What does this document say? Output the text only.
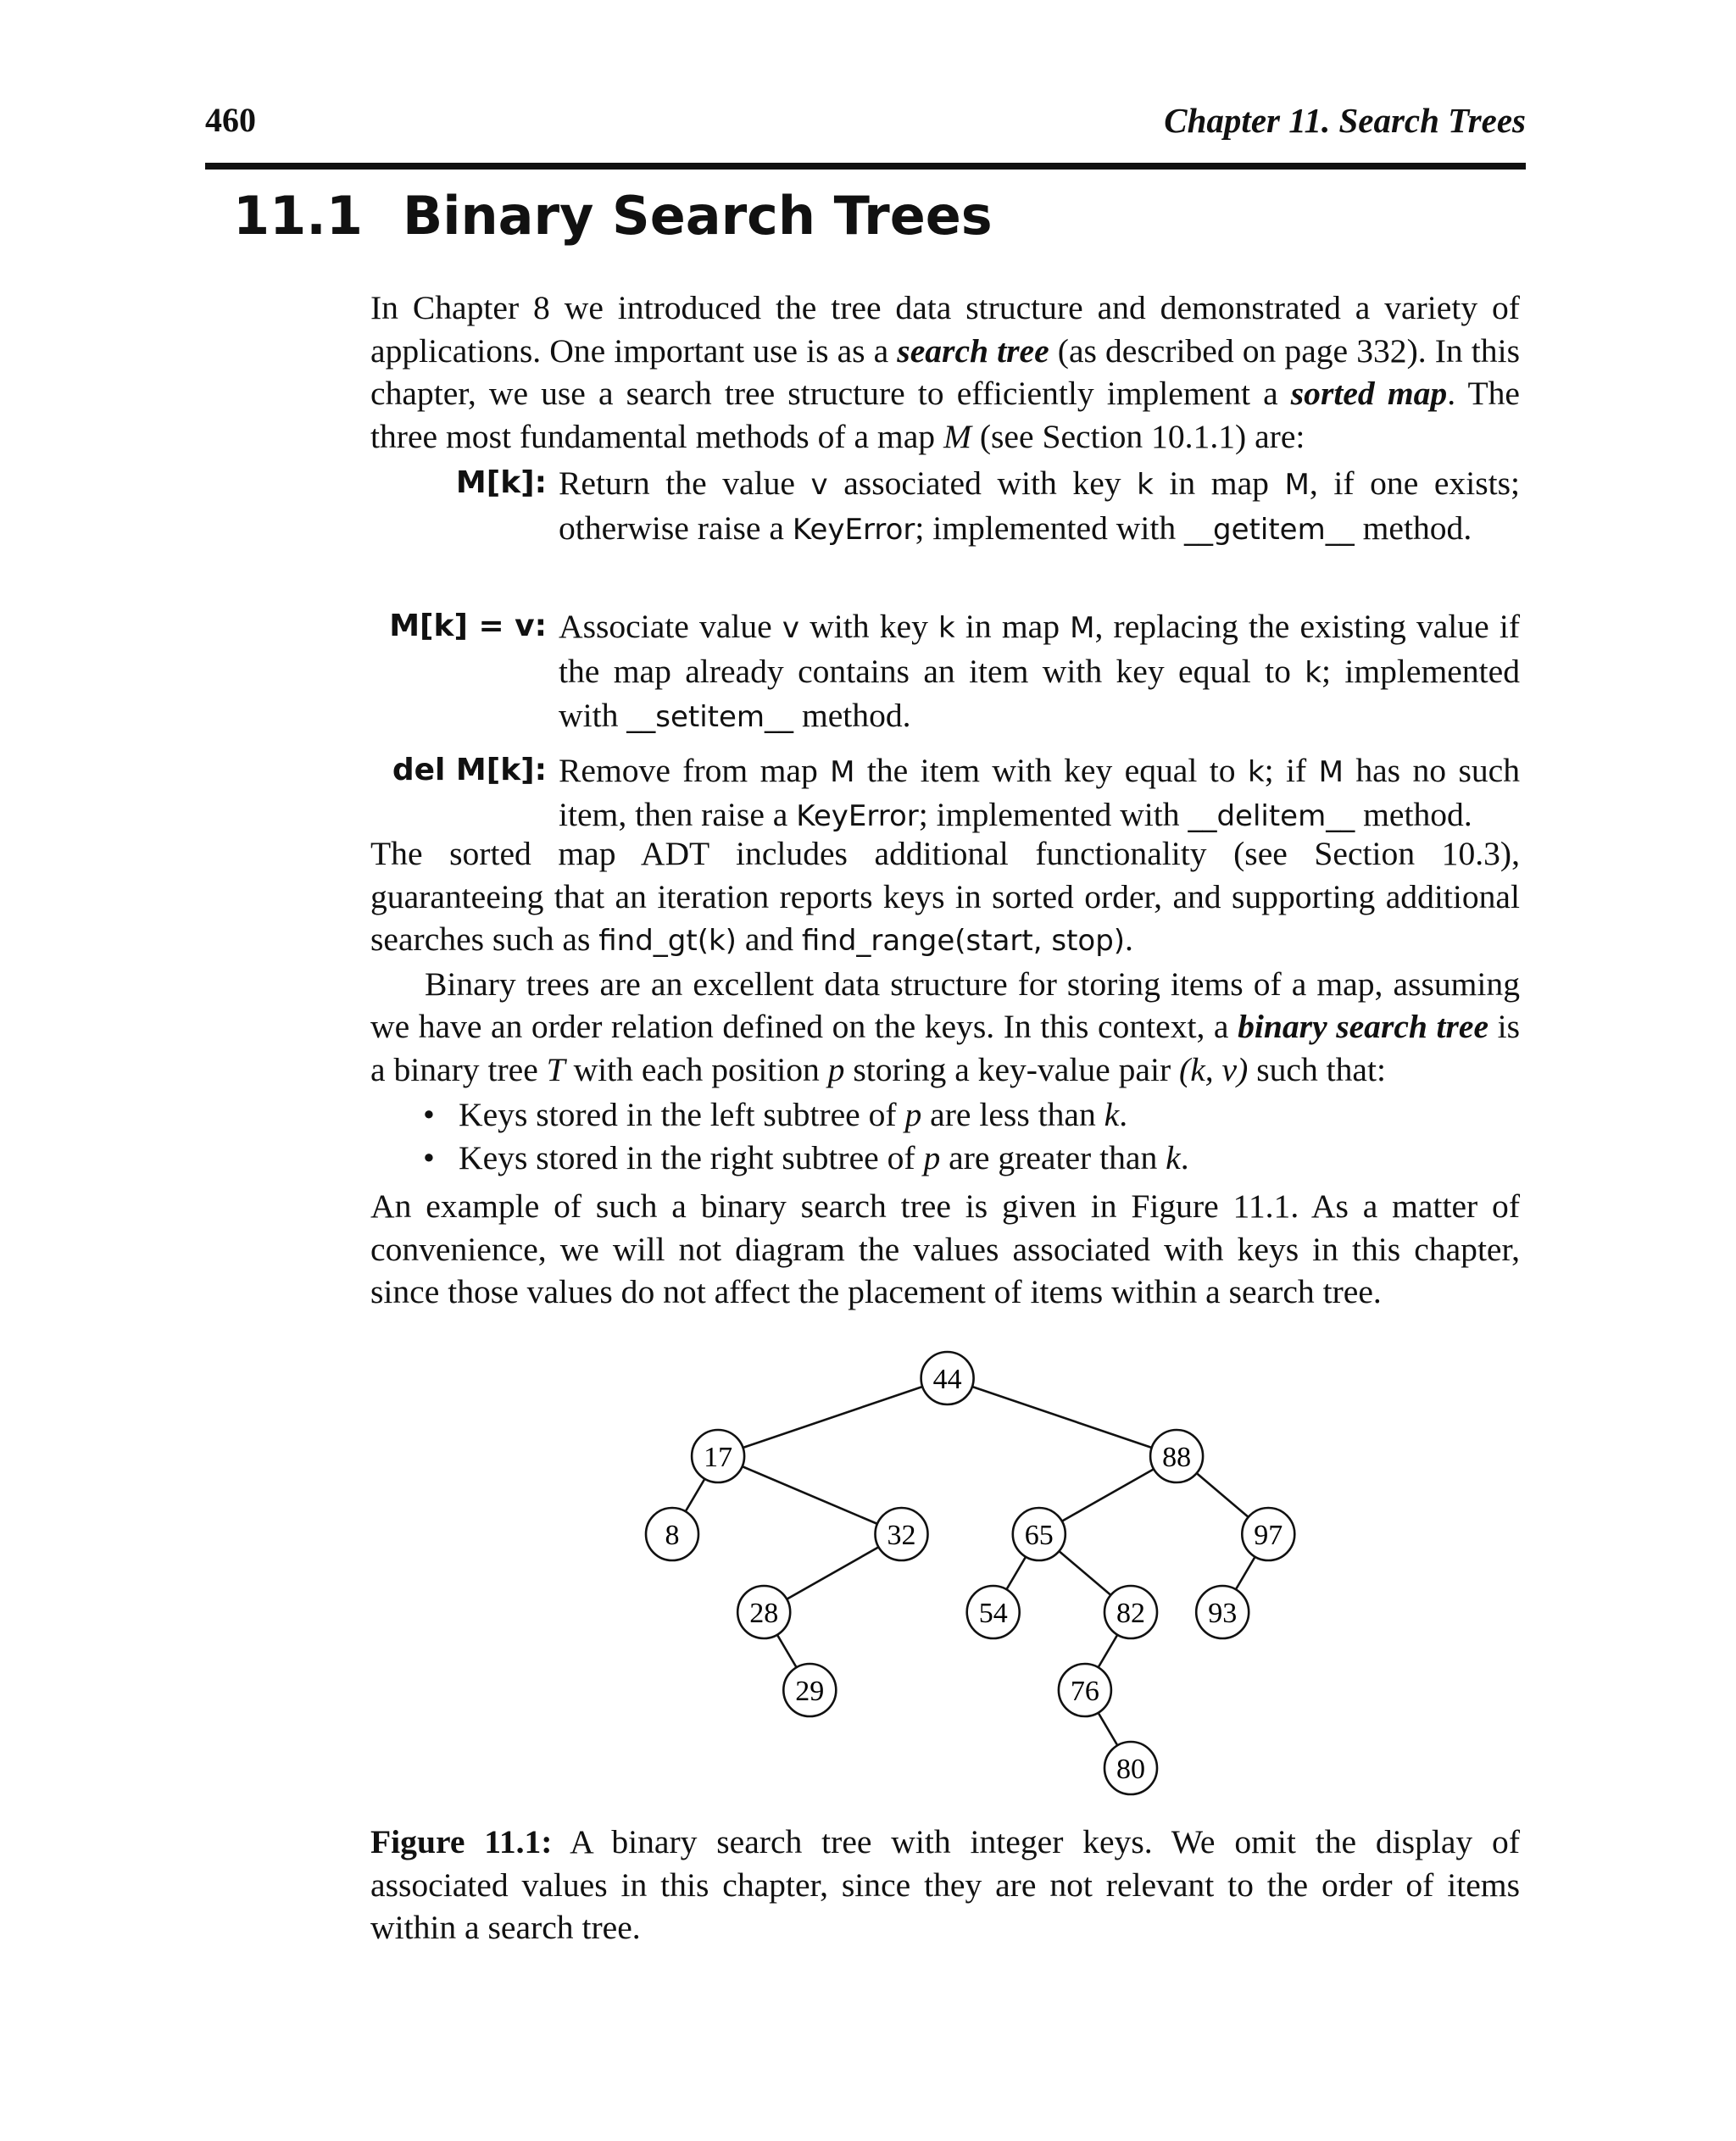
460	Chapter 11. Search Trees
11.1 Binary Search Trees

In Chapter 8 we introduced the tree data structure and demonstrated a variety of applications. One important use is as a search tree (as described on page 332). In this chapter, we use a search tree structure to efficiently implement a sorted map. The three most fundamental methods of a map M (see Section 10.1.1) are:

M[k]: Return the value v associated with key k in map M, if one exists; otherwise raise a KeyError; implemented with __getitem__ method.
M[k] = v: Associate value v with key k in map M, replacing the existing value if the map already contains an item with key equal to k; implemented with __setitem__ method.
del M[k]: Remove from map M the item with key equal to k; if M has no such item, then raise a KeyError; implemented with __delitem__ method.

The sorted map ADT includes additional functionality (see Section 10.3), guaranteeing that an iteration reports keys in sorted order, and supporting additional searches such as find_gt(k) and find_range(start, stop).

Binary trees are an excellent data structure for storing items of a map, assuming we have an order relation defined on the keys. In this context, a binary search tree is a binary tree T with each position p storing a key-value pair (k, v) such that:

• Keys stored in the left subtree of p are less than k.
• Keys stored in the right subtree of p are greater than k.

An example of such a binary search tree is given in Figure 11.1. As a matter of convenience, we will not diagram the values associated with keys in this chapter, since those values do not affect the placement of items within a search tree.

44
17	88
8	32	65	97
28	54	82 93
29	76
80
Figure 11.1: A binary search tree with integer keys. We omit the display of associated values in this chapter, since they are not relevant to the order of items within a search tree.
